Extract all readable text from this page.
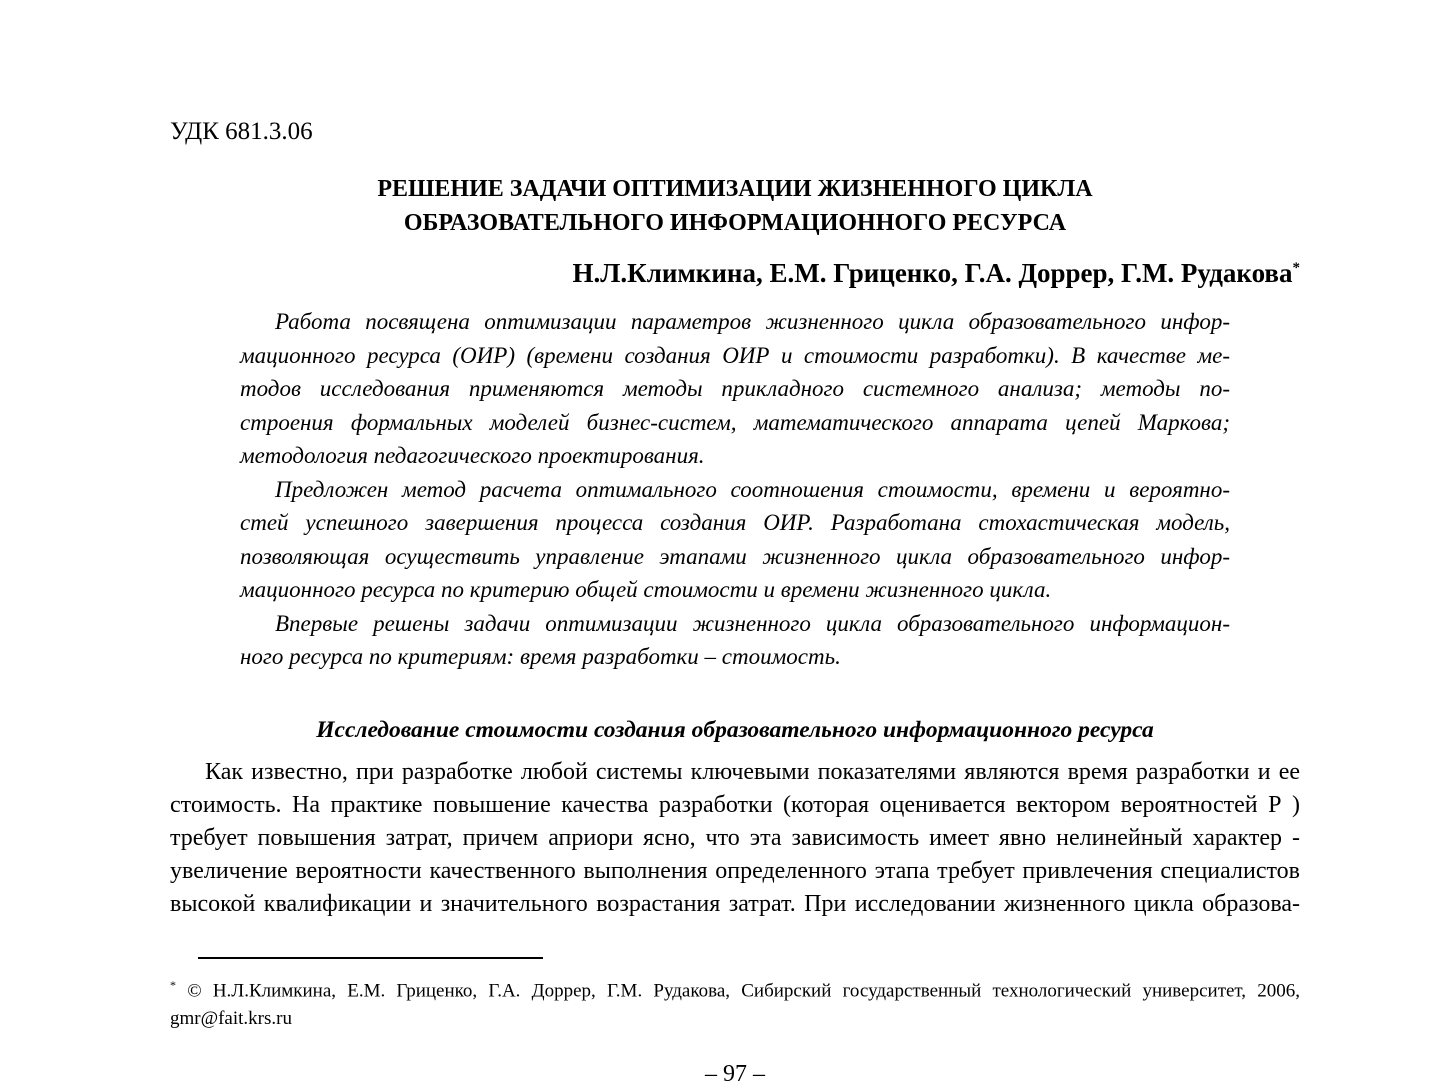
УДК 681.3.06
РЕШЕНИЕ ЗАДАЧИ ОПТИМИЗАЦИИ ЖИЗНЕННОГО ЦИКЛА
ОБРАЗОВАТЕЛЬНОГО ИНФОРМАЦИОННОГО РЕСУРСА
Н.Л.Климкина, Е.М. Гриценко, Г.А. Доррер, Г.М. Рудакова*
Работа посвящена оптимизации параметров жизненного цикла образовательного инфор-
мационного ресурса (ОИР) (времени создания ОИР и стоимости разработки). В качестве ме-
тодов исследования применяются методы прикладного системного анализа; методы по-
строения формальных моделей бизнес-систем, математического аппарата цепей Маркова;
методология педагогического проектирования.
Предложен метод расчета оптимального соотношения стоимости, времени и вероятно-
стей успешного завершения процесса создания ОИР. Разработана стохастическая модель,
позволяющая осуществить управление этапами жизненного цикла образовательного инфор-
мационного ресурса по критерию общей стоимости и времени жизненного цикла.
Впервые решены задачи оптимизации жизненного цикла образовательного информацион-
ного ресурса по критериям: время разработки – стоимость.
Исследование стоимости создания образовательного информационного ресурса
Как известно, при разработке любой системы ключевыми показателями являются время разработки и ее
стоимость. На практике повышение качества разработки (которая оценивается вектором вероятностей Р )
требует повышения затрат, причем априори ясно, что эта зависимость имеет явно нелинейный характер -
увеличение вероятности качественного выполнения определенного этапа требует привлечения специалистов
высокой квалификации и значительного возрастания затрат. При исследовании жизненного цикла образова-
* © Н.Л.Климкина, Е.М. Гриценко, Г.А. Доррер, Г.М. Рудакова, Сибирский государственный технологический университет, 2006,
gmr@fait.krs.ru
– 97 –
